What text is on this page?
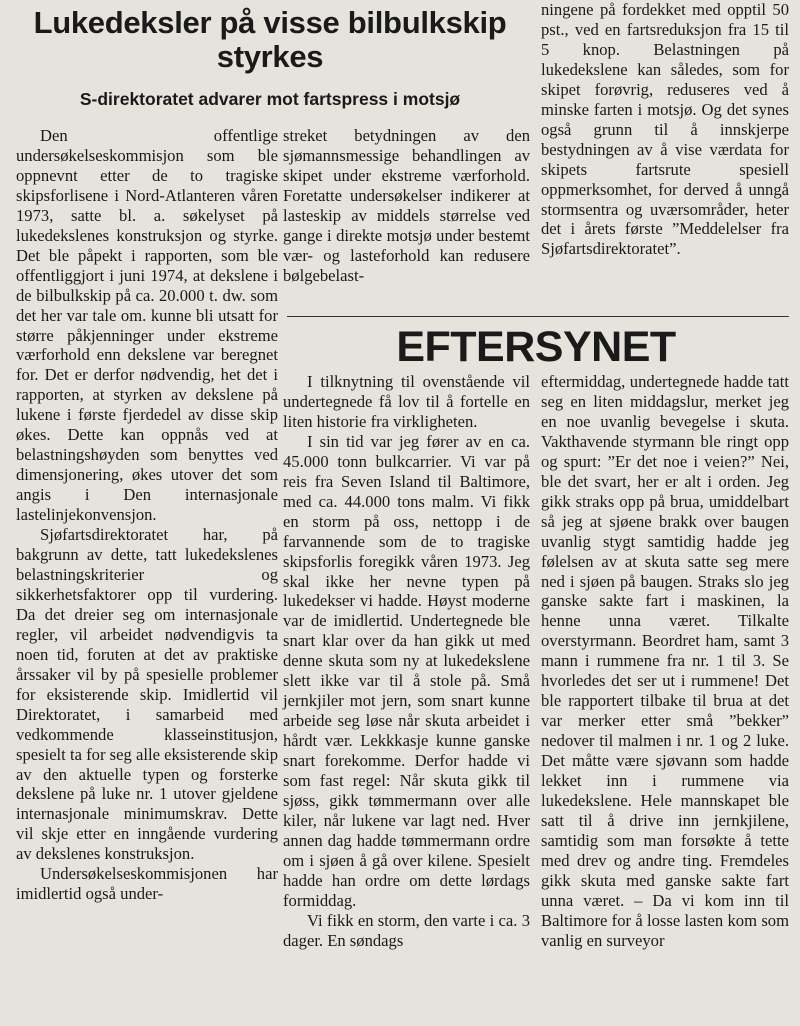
Lukedeksler på visse bilbulkskip styrkes
S-direktoratet advarer mot fartspress i motsjø

Den offentlige undersøkelseskommisjon som ble oppnevnt etter de to tragiske skipsforlisene i Nord-Atlanteren våren 1973, satte bl. a. søkelyset på lukedekslenes konstruksjon og styrke. Det ble påpekt i rapporten, som ble offentliggjort i juni 1974, at dekslene i de bilbulkskip på ca. 20.000 t. dw. som det her var tale om. kunne bli utsatt for større påkjenninger under ekstreme værforhold enn dekslene var beregnet for. Det er derfor nødvendig, het det i rapporten, at styrken av dekslene på lukene i første fjerdedel av disse skip økes. Dette kan oppnås ved at belastningshøyden som benyttes ved dimensjonering, økes utover det som angis i Den internasjonale lastelinjekonvensjon.

Sjøfartsdirektoratet har, på bakgrunn av dette, tatt lukedekslenes belastningskriterier og sikkerhetsfaktorer opp til vurdering. Da det dreier seg om internasjonale regler, vil arbeidet nødvendigvis ta noen tid, foruten at det av praktiske årssaker vil by på spesielle problemer for eksisterende skip. Imidlertid vil Direktoratet, i samarbeid med vedkommende klasseinstitusjon, spesielt ta for seg alle eksisterende skip av den aktuelle typen og forsterke dekslene på luke nr. 1 utover gjeldene internasjonale minimumskrav. Dette vil skje etter en inngående vurdering av dekslenes konstruksjon.

Undersøkelseskommisjonen har imidlertid også under-

streket betydningen av den sjømannsmessige behandlingen av skipet under ekstreme værforhold. Foretatte undersøkelser indikerer at lasteskip av middels størrelse ved gange i direkte motsjø under bestemt vær- og lasteforhold kan redusere bølgebelast-

ningene på fordekket med opptil 50 pst., ved en fartsreduksjon fra 15 til 5 knop. Belastningen på lukedekslene kan således, som for skipet forøvrig, reduseres ved å minske farten i motsjø. Og det synes også grunn til å innskjerpe bestydningen av å vise værdata for skipets fartsrute spesiell oppmerksomhet, for derved å unngå stormsentra og uværsområder, heter det i årets første ”Meddelelser fra Sjøfartsdirektoratet”.

EFTERSYNET

I tilknytning til ovenstående vil undertegnede få lov til å fortelle en liten historie fra virkligheten.

I sin tid var jeg fører av en ca. 45.000 tonn bulkcarrier. Vi var på reis fra Seven Island til Baltimore, med ca. 44.000 tons malm. Vi fikk en storm på oss, nettopp i de farvannende som de to tragiske skipsforlis foregikk våren 1973. Jeg skal ikke her nevne typen på lukedekser vi hadde. Høyst moderne var de imidlertid. Undertegnede ble snart klar over da han gikk ut med denne skuta som ny at lukedekslene slett ikke var til å stole på. Små jernkjiler mot jern, som snart kunne arbeide seg løse når skuta arbeidet i hårdt vær. Lekkkasje kunne ganske snart forekomme. Derfor hadde vi som fast regel: Når skuta gikk til sjøss, gikk tømmermann over alle kiler, når lukene var lagt ned. Hver annen dag hadde tømmermann ordre om i sjøen å gå over kilene. Spesielt hadde han ordre om dette lørdags formiddag.

Vi fikk en storm, den varte i ca. 3 dager. En søndags

eftermiddag, undertegnede hadde tatt seg en liten middagslur, merket jeg en noe uvanlig bevegelse i skuta. Vakthavende styrmann ble ringt opp og spurt: ”Er det noe i veien?” Nei, ble det svart, her er alt i orden. Jeg gikk straks opp på brua, umiddelbart så jeg at sjøene brakk over baugen uvanlig stygt samtidig hadde jeg følelsen av at skuta satte seg mere ned i sjøen på baugen. Straks slo jeg ganske sakte fart i maskinen, la henne unna været. Tilkalte overstyrmann. Beordret ham, samt 3 mann i rummene fra nr. 1 til 3. Se hvorledes det ser ut i rummene! Det ble rapportert tilbake til brua at det var merker etter små ”bekker” nedover til malmen i nr. 1 og 2 luke. Det måtte være sjøvann som hadde lekket inn i rummene via lukedekslene. Hele mannskapet ble satt til å drive inn jernkjilene, samtidig som man forsøkte å tette med drev og andre ting. Fremdeles gikk skuta med ganske sakte fart unna været. – Da vi kom inn til Baltimore for å losse lasten kom som vanlig en surveyor
